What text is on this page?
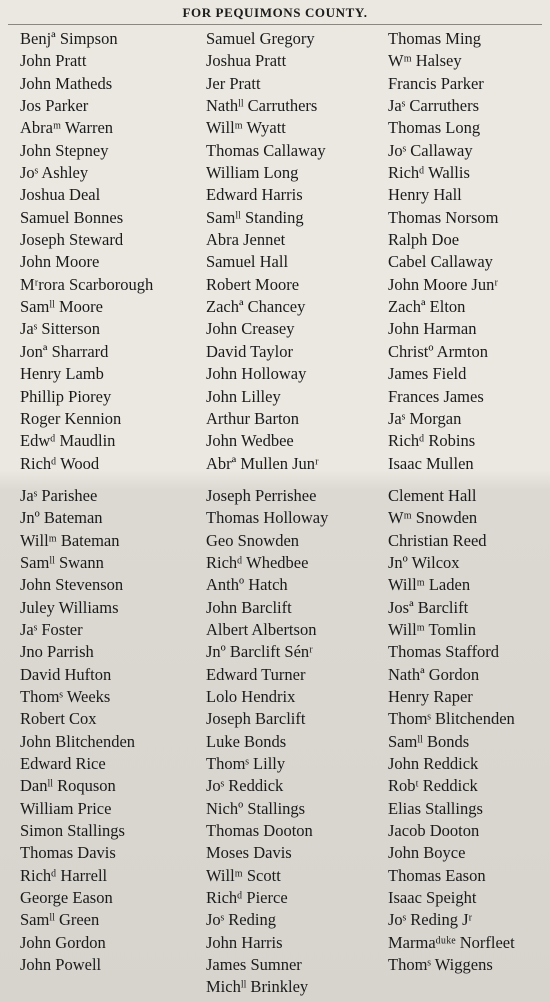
FOR PEQUIMONS COUNTY.
Benjª Simpson
John Pratt
John Matheds
Jos Parker
Abraᵐ Warren
John Stepney
Joˢ Ashley
Joshua Deal
Samuel Bonnes
Joseph Steward
John Moore
Mʳrora Scarborough
Samˡˡ Moore
Jaˢ Sitterson
Jonª Sharrard
Henry Lamb
Phillip Piorey
Roger Kennion
Edwᵈ Maudlin
Richᵈ Wood
Jaˢ Parishee
Jnº Bateman
Willᵐ Bateman
Samˡˡ Swann
John Stevenson
Juley Williams
Jaˢ Foster
Jno Parrish
David Hufton
Thomˢ Weeks
Robert Cox
John Blitchenden
Edward Rice
Danˡˡ Roquson
William Price
Simon Stallings
Thomas Davis
Richᵈ Harrell
George Eason
Samˡˡ Green
John Gordon
John Powell
Samuel Gregory
Joshua Pratt
Jer Pratt
Nathˡˡ Carruthers
Willᵐ Wyatt
Thomas Callaway
William Long
Edward Harris
Samˡˡ Standing
Abra Jennet
Samuel Hall
Robert Moore
Zachª Chancey
John Creasey
David Taylor
John Holloway
John Lilley
Arthur Barton
John Wedbee
Abrª Mullen Junʳ
Joseph Perrishee
Thomas Holloway
Geo Snowden
Richᵈ Whedbee
Anthº Hatch
John Barclift
Albert Albertson
Jnº Barclift Sénʳ
Edward Turner
Lolo Hendrix
Joseph Barclift
Luke Bonds
Thomˢ Lilly
Joˢ Reddick
Nichº Stallings
Thomas Dooton
Moses Davis
Willᵐ Scott
Richᵈ Pierce
Joˢ Reding
John Harris
James Sumner
Michˡˡ Brinkley
Thomas Ming
Wᵐ Halsey
Francis Parker
Jaˢ Carruthers
Thomas Long
Joˢ Callaway
Richᵈ Wallis
Henry Hall
Thomas Norsom
Ralph Doe
Cabel Callaway
John Moore Junʳ
Zachª Elton
John Harman
Christº Armton
James Field
Frances James
Jaˢ Morgan
Richᵈ Robins
Isaac Mullen
Clement Hall
Wᵐ Snowden
Christian Reed
Jnº Wilcox
Willᵐ Laden
Josª Barclift
Willᵐ Tomlin
Thomas Stafford
Nathª Gordon
Henry Raper
Thomˢ Blitchenden
Samˡˡ Bonds
John Reddick
Robᵗ Reddick
Elias Stallings
Jacob Dooton
John Boyce
Thomas Eason
Isaac Speight
Joˢ Reding Jʳ
Marmaᵈᵘᵏᵉ Norfleet
Thomˢ Wiggens
